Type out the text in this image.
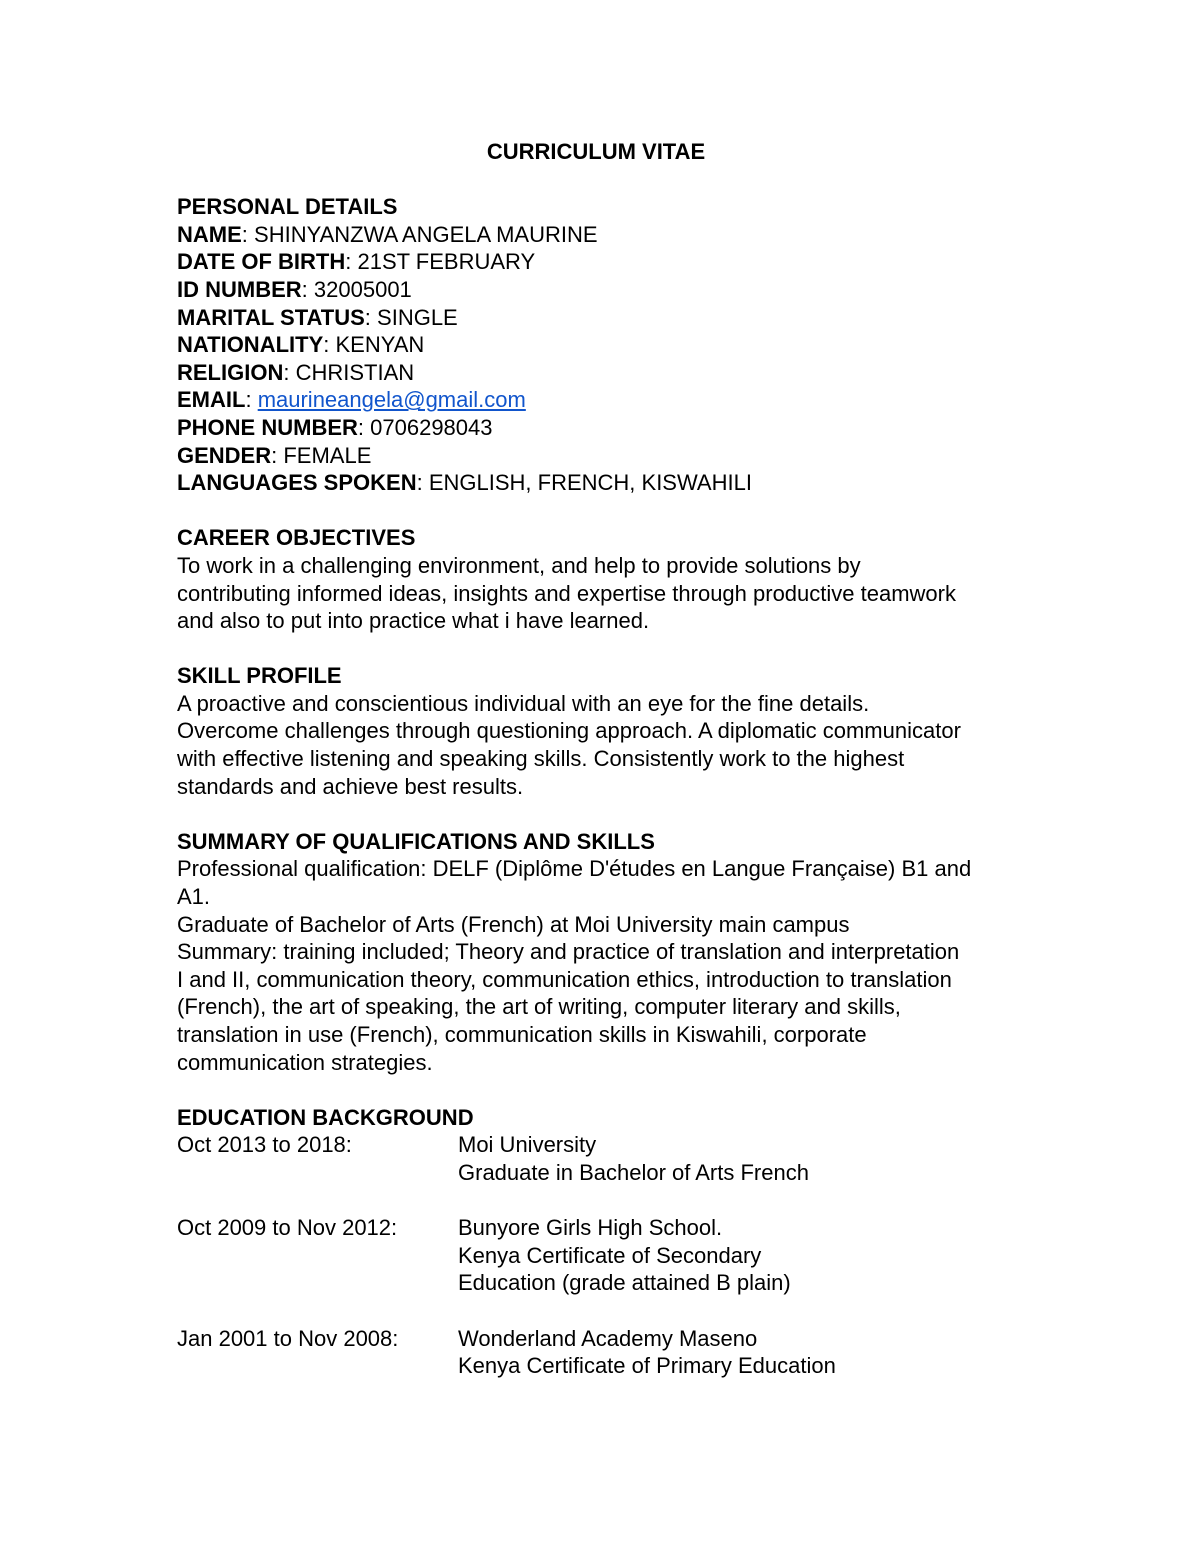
CURRICULUM VITAE
PERSONAL DETAILS
NAME: SHINYANZWA ANGELA MAURINE
DATE OF BIRTH: 21ST FEBRUARY
ID NUMBER: 32005001
MARITAL STATUS: SINGLE
NATIONALITY: KENYAN
RELIGION: CHRISTIAN
EMAIL: maurineangela@gmail.com
PHONE NUMBER: 0706298043
GENDER: FEMALE
LANGUAGES SPOKEN: ENGLISH, FRENCH, KISWAHILI
CAREER OBJECTIVES
To work in a challenging environment, and help to provide solutions by
contributing informed ideas, insights and expertise through productive teamwork
and also to put into practice what i have learned.
SKILL PROFILE
A proactive and conscientious individual with an eye for the fine details.
Overcome challenges through questioning approach. A diplomatic communicator
with effective listening and speaking skills. Consistently work to the highest
standards and achieve best results.
SUMMARY OF QUALIFICATIONS AND SKILLS
Professional qualification: DELF (Diplôme D'études en Langue Française) B1 and
A1.
Graduate of Bachelor of Arts (French) at Moi University main campus
Summary: training included; Theory and practice of translation and interpretation
I and II, communication theory, communication ethics, introduction to translation
(French), the art of speaking, the art of writing, computer literary and skills,
translation in use (French), communication skills in Kiswahili, corporate
communication strategies.
EDUCATION BACKGROUND
Oct 2013 to 2018:	Moi University
Graduate in Bachelor of Arts French
Oct 2009 to Nov 2012:	Bunyore Girls High School.
Kenya Certificate of Secondary
Education (grade attained B plain)
Jan 2001 to Nov 2008:	Wonderland Academy Maseno
Kenya Certificate of Primary Education
